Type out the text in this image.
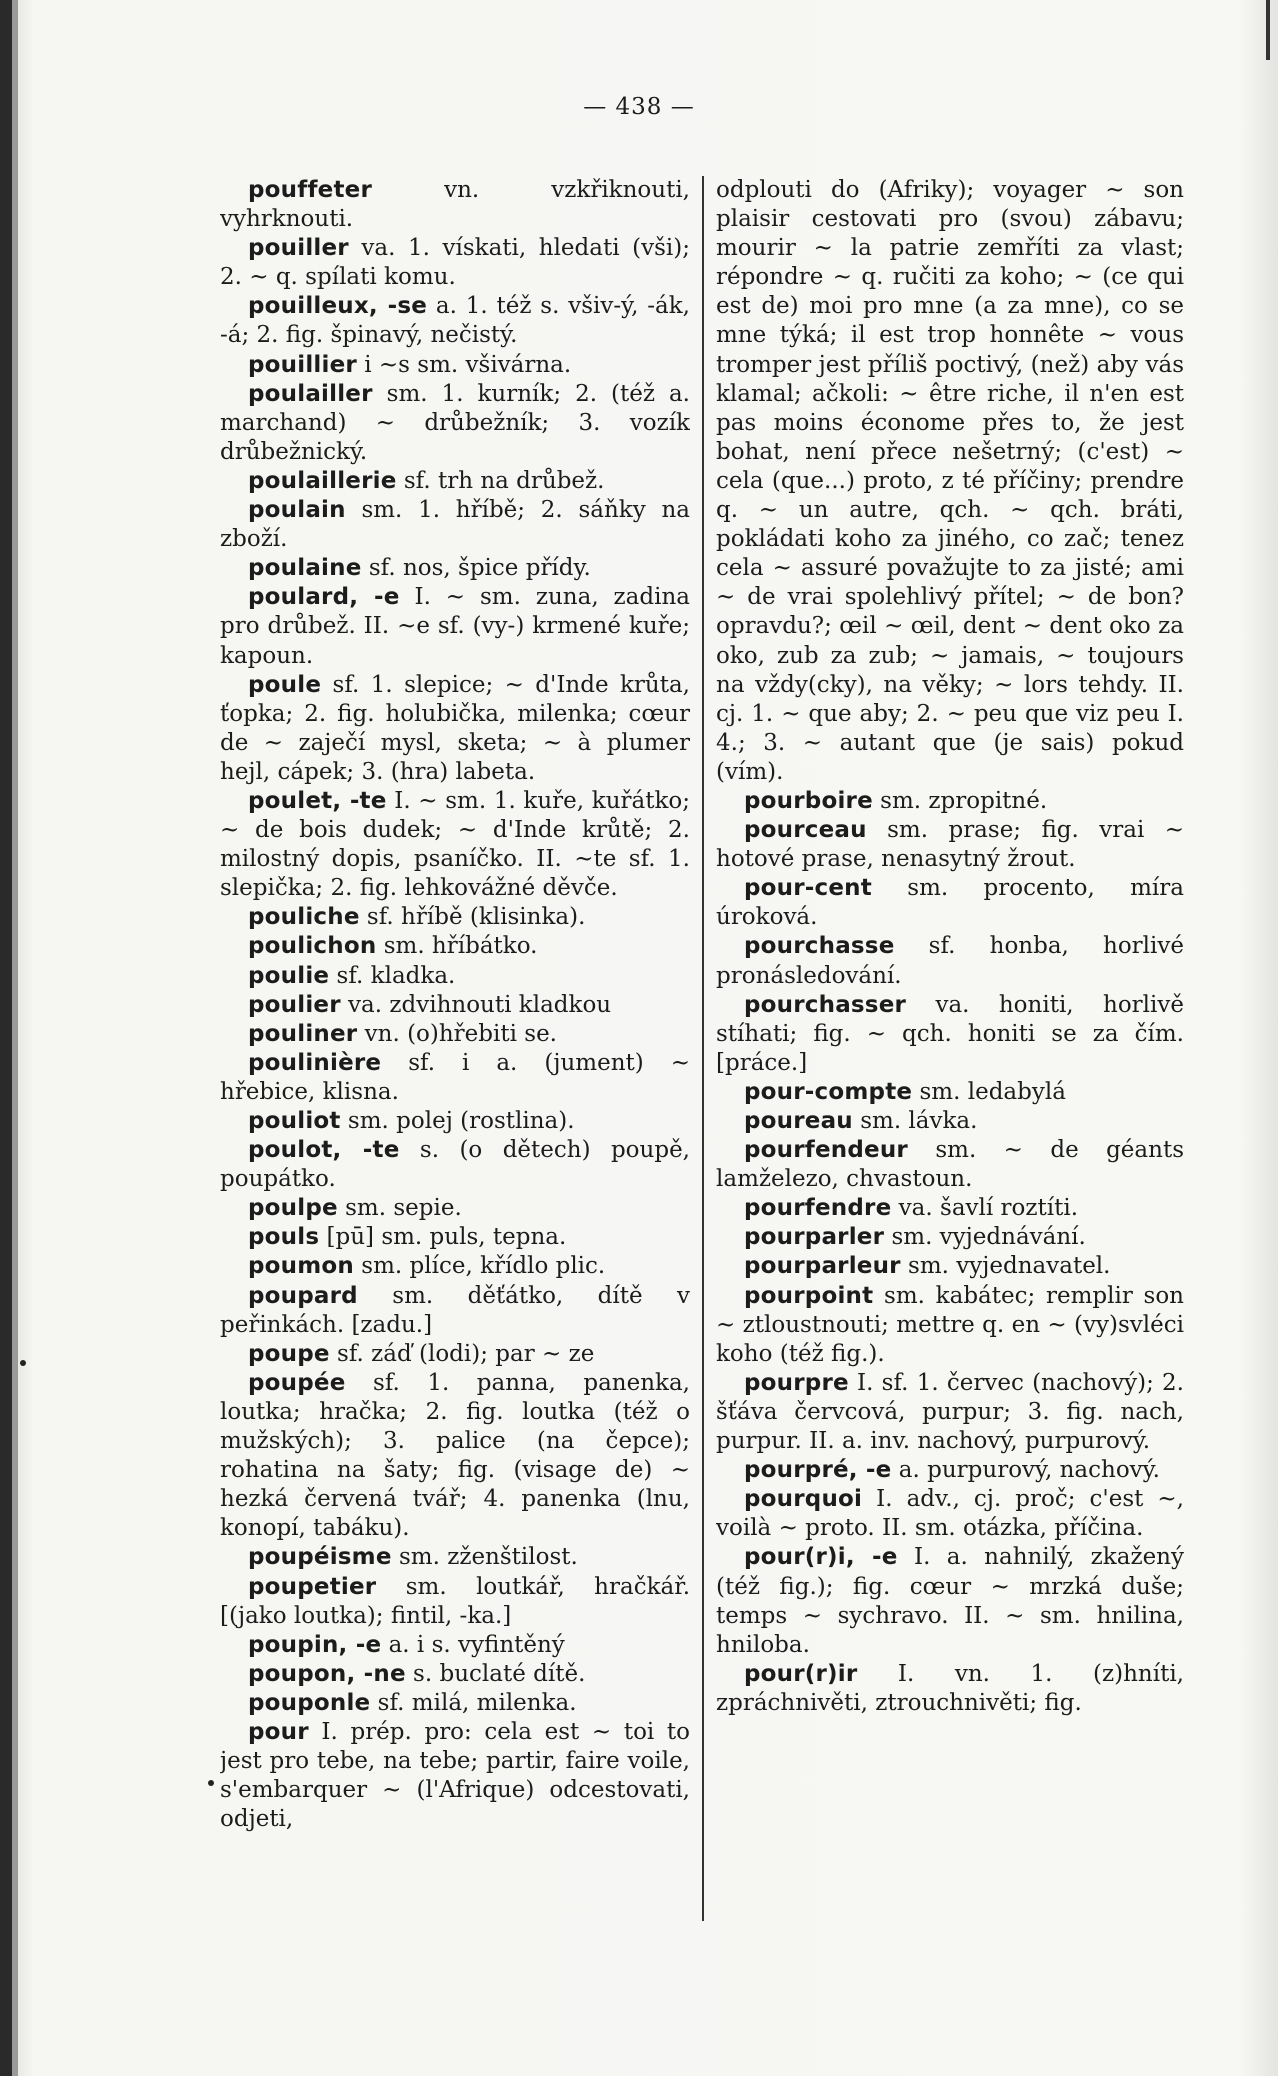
— 438 —

pouffeter vn. vzkřiknouti, vyhrknouti.

pouiller va. 1. vískati, hledati (vši); 2. ~ q. spílati komu.

pouilleux, -se a. 1. též s. všiv-ý, -ák, -á; 2. fig. špinavý, nečistý.

pouillier i ~s sm. všivárna.

poulailler sm. 1. kurník; 2. (též a. marchand) ~ drůbežník; 3. vozík drůbežnický.

poulaillerie sf. trh na drůbež.

poulain sm. 1. hříbě; 2. sáňky na zboží.

poulaine sf. nos, špice přídy.

poulard, -e I. ~ sm. zuna, zadina pro drůbež. II. ~e sf. (vy-) krmené kuře; kapoun.

poule sf. 1. slepice; ~ d'Inde krůta, ťopka; 2. fig. holubička, milenka; cœur de ~ zaječí mysl, sketa; ~ à plumer hejl, cápek; 3. (hra) labeta.

poulet, -te I. ~ sm. 1. kuře, kuřátko; ~ de bois dudek; ~ d'Inde krůtě; 2. milostný dopis, psaníčko. II. ~te sf. 1. slepička; 2. fig. lehkovážné děvče.

pouliche sf. hříbě (klisinka).

poulichon sm. hříbátko.

poulie sf. kladka.

poulier va. zdvihnouti kladkou

pouliner vn. (o)hřebiti se.

poulinière sf. i a. (jument) ~ hřebice, klisna.

pouliot sm. polej (rostlina).

poulot, -te s. (o dětech) poupě, poupátko.

poulpe sm. sepie.

pouls [pū] sm. puls, tepna.

poumon sm. plíce, křídlo plic.

poupard sm. děťátko, dítě v peřinkách. [zadu.]

poupe sf. záď (lodi); par ~ ze

poupée sf. 1. panna, panenka, loutka; hračka; 2. fig. loutka (též o mužských); 3. palice (na čepce); rohatina na šaty; fig. (visage de) ~ hezká červená tvář; 4. panenka (lnu, konopí, tabáku).

poupéisme sm. zženštilost.

poupetier sm. loutkář, hračkář. [(jako loutka); fintil, -ka.]

poupin, -e a. i s. vyfintěný

poupon, -ne s. buclaté dítě.

pouponle sf. milá, milenka.

pour I. prép. pro: cela est ~ toi to jest pro tebe, na tebe; partir, faire voile, s'embarquer ~ (l'Afrique) odcestovati, odjeti,

odplouti do (Afriky); voyager ~ son plaisir cestovati pro (svou) zábavu; mourir ~ la patrie zemříti za vlast; répondre ~ q. ručiti za koho; ~ (ce qui est de) moi pro mne (a za mne), co se mne týká; il est trop honnête ~ vous tromper jest příliš poctivý, (než) aby vás klamal; ačkoli: ~ être riche, il n'en est pas moins économe přes to, že jest bohat, není přece nešetrný; (c'est) ~ cela (que...) proto, z té příčiny; prendre q. ~ un autre, qch. ~ qch. bráti, pokládati koho za jiného, co zač; tenez cela ~ assuré považujte to za jisté; ami ~ de vrai spolehlivý přítel; ~ de bon? opravdu?; œil ~ œil, dent ~ dent oko za oko, zub za zub; ~ jamais, ~ toujours na vždy(cky), na věky; ~ lors tehdy. II. cj. 1. ~ que aby; 2. ~ peu que viz peu I. 4.; 3. ~ autant que (je sais) pokud (vím).

pourboire sm. zpropitné.

pourceau sm. prase; fig. vrai ~ hotové prase, nenasytný žrout.

pour-cent sm. procento, míra úroková.

pourchasse sf. honba, horlivé pronásledování.

pourchasser va. honiti, horlivě stíhati; fig. ~ qch. honiti se za čím. [práce.]

pour-compte sm. ledabylá

poureau sm. lávka.

pourfendeur sm. ~ de géants lamželezo, chvastoun.

pourfendre va. šavlí roztíti.

pourparler sm. vyjednávání.

pourparleur sm. vyjednavatel.

pourpoint sm. kabátec; remplir son ~ ztloustnouti; mettre q. en ~ (vy)svléci koho (též fig.).

pourpre I. sf. 1. červec (nachový); 2. šťáva červcová, purpur; 3. fig. nach, purpur. II. a. inv. nachový, purpurový.

pourpré, -e a. purpurový, nachový.

pourquoi I. adv., cj. proč; c'est ~, voilà ~ proto. II. sm. otázka, příčina.

pour(r)i, -e I. a. nahnilý, zkažený (též fig.); fig. cœur ~ mrzká duše; temps ~ sychravo. II. ~ sm. hnilina, hniloba.

pour(r)ir I. vn. 1. (z)hníti, zpráchnivěti, ztrouchnivěti; fig.
